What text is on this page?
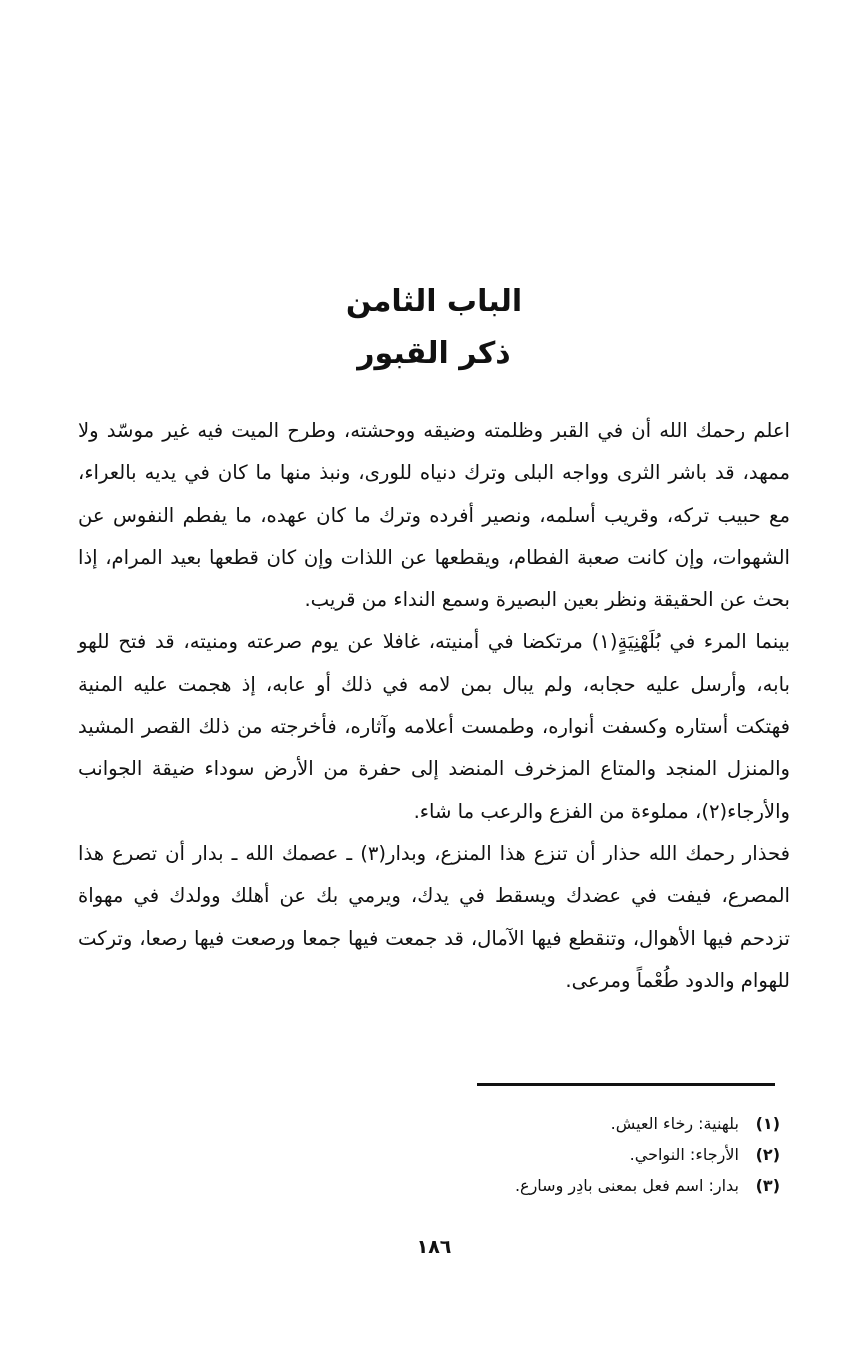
الباب الثامن

ذكر القبور

اعلم رحمك الله أن في القبر وظلمته وضيقه ووحشته، وطرح الميت فيه غير موسّد ولا ممهد، قد باشر الثرى وواجه البلى وترك دنياه للورى، ونبذ منها ما كان في يديه بالعراء، مع حبيب تركه، وقريب أسلمه، ونصير أفرده وترك ما كان عهده، ما يفطم النفوس عن الشهوات، وإن كانت صعبة الفطام، ويقطعها عن اللذات وإن كان قطعها بعيد المرام، إذا بحث عن الحقيقة ونظر بعين البصيرة وسمع النداء من قريب.

بينما المرء في بُلَهْنِيَةٍ(١) مرتكضا في أمنيته، غافلا عن يوم صرعته ومنيته، قد فتح للهو بابه، وأرسل عليه حجابه، ولم يبال بمن لامه في ذلك أو عابه، إذ هجمت عليه المنية فهتكت أستاره وكسفت أنواره، وطمست أعلامه وآثاره، فأخرجته من ذلك القصر المشيد والمنزل المنجد والمتاع المزخرف المنضد إلى حفرة من الأرض سوداء ضيقة الجوانب والأرجاء(٢)، مملوءة من الفزع والرعب ما شاء.

فحذار رحمك الله حذار أن تنزع هذا المنزع، وبدار(٣) ـ عصمك الله ـ بدار أن تصرع هذا المصرع، فيفت في عضدك ويسقط في يدك، ويرمي بك عن أهلك وولدك في مهواة تزدحم فيها الأهوال، وتنقطع فيها الآمال، قد جمعت فيها جمعا ورصعت فيها رصعا، وتركت للهوام والدود طُعْماً ومرعى.

(١) بلهنية: رخاء العيش.

(٢) الأرجاء: النواحي.

(٣) بدار: اسم فعل بمعنى بادِر وسارع.

١٨٦
